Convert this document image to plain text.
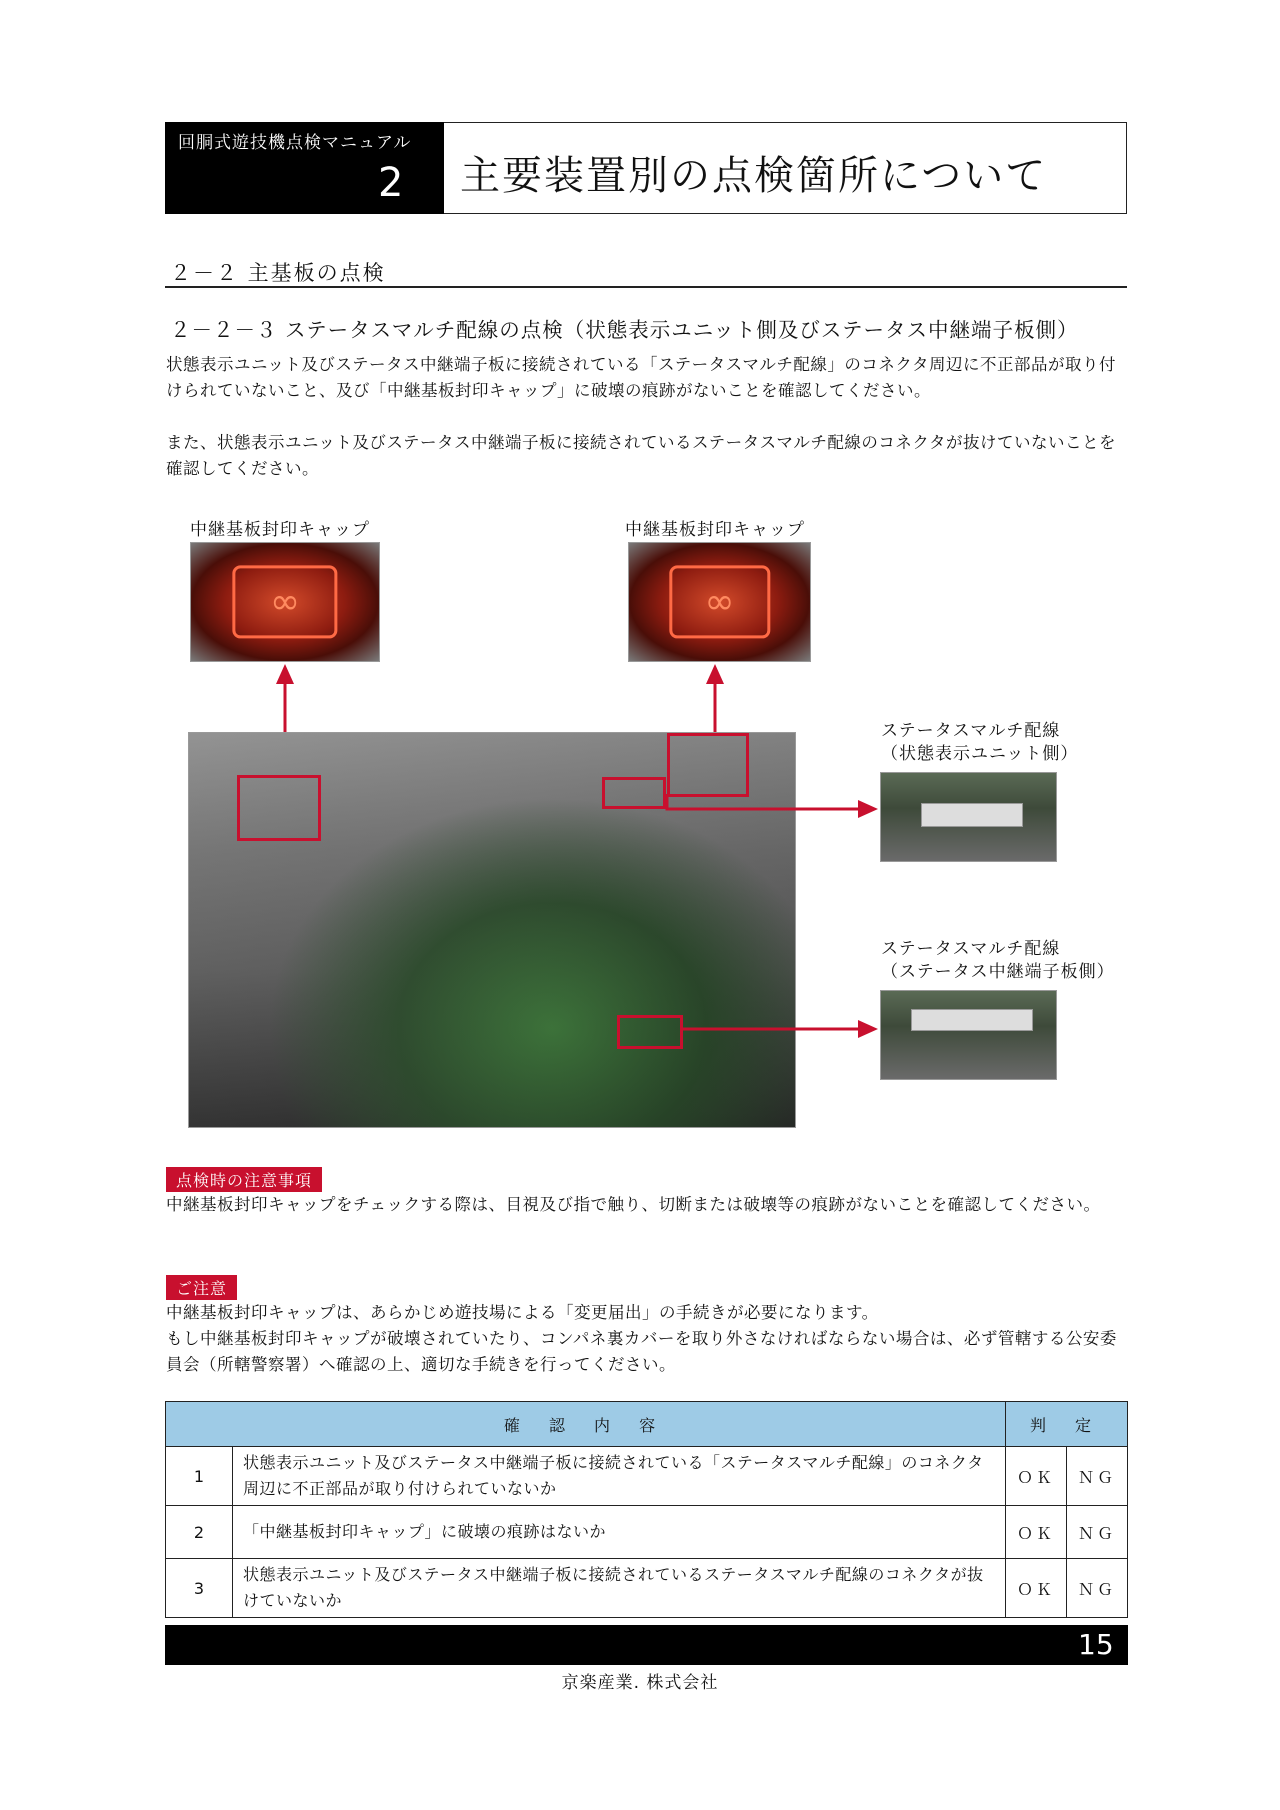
回胴式遊技機点検マニュアル
2 主要装置別の点検箇所について
２－２ 主基板の点検
２－２－３ ステータスマルチ配線の点検（状態表示ユニット側及びステータス中継端子板側）
状態表示ユニット及びステータス中継端子板に接続されている「ステータスマルチ配線」のコネクタ周辺に不正部品が取り付けられていないこと、及び「中継基板封印キャップ」に破壊の痕跡がないことを確認してください。
また、状態表示ユニット及びステータス中継端子板に接続されているステータスマルチ配線のコネクタが抜けていないことを確認してください。
中継基板封印キャップ	中継基板封印キャップ
∞	∞
ステータスマルチ配線
（状態表示ユニット側）
ステータスマルチ配線
（ステータス中継端子板側）
点検時の注意事項
中継基板封印キャップをチェックする際は、目視及び指で触り、切断または破壊等の痕跡がないことを確認してください。
ご注意
中継基板封印キャップは、あらかじめ遊技場による「変更届出」の手続きが必要になります。
もし中継基板封印キャップが破壊されていたり、コンパネ裏カバーを取り外さなければならない場合は、必ず管轄する公安委員会（所轄警察署）へ確認の上、適切な手続きを行ってください。
確 認 内 容		判 定	
1	状態表示ユニット及びステータス中継端子板に接続されている「ステータスマルチ配線」のコネクタ周辺に不正部品が取り付けられていないか	ＯＫ	ＮＧ
2	「中継基板封印キャップ」に破壊の痕跡はないか	ＯＫ	ＮＧ
3	状態表示ユニット及びステータス中継端子板に接続されているステータスマルチ配線のコネクタが抜けていないか	ＯＫ	ＮＧ
15
京楽産業. 株式会社
